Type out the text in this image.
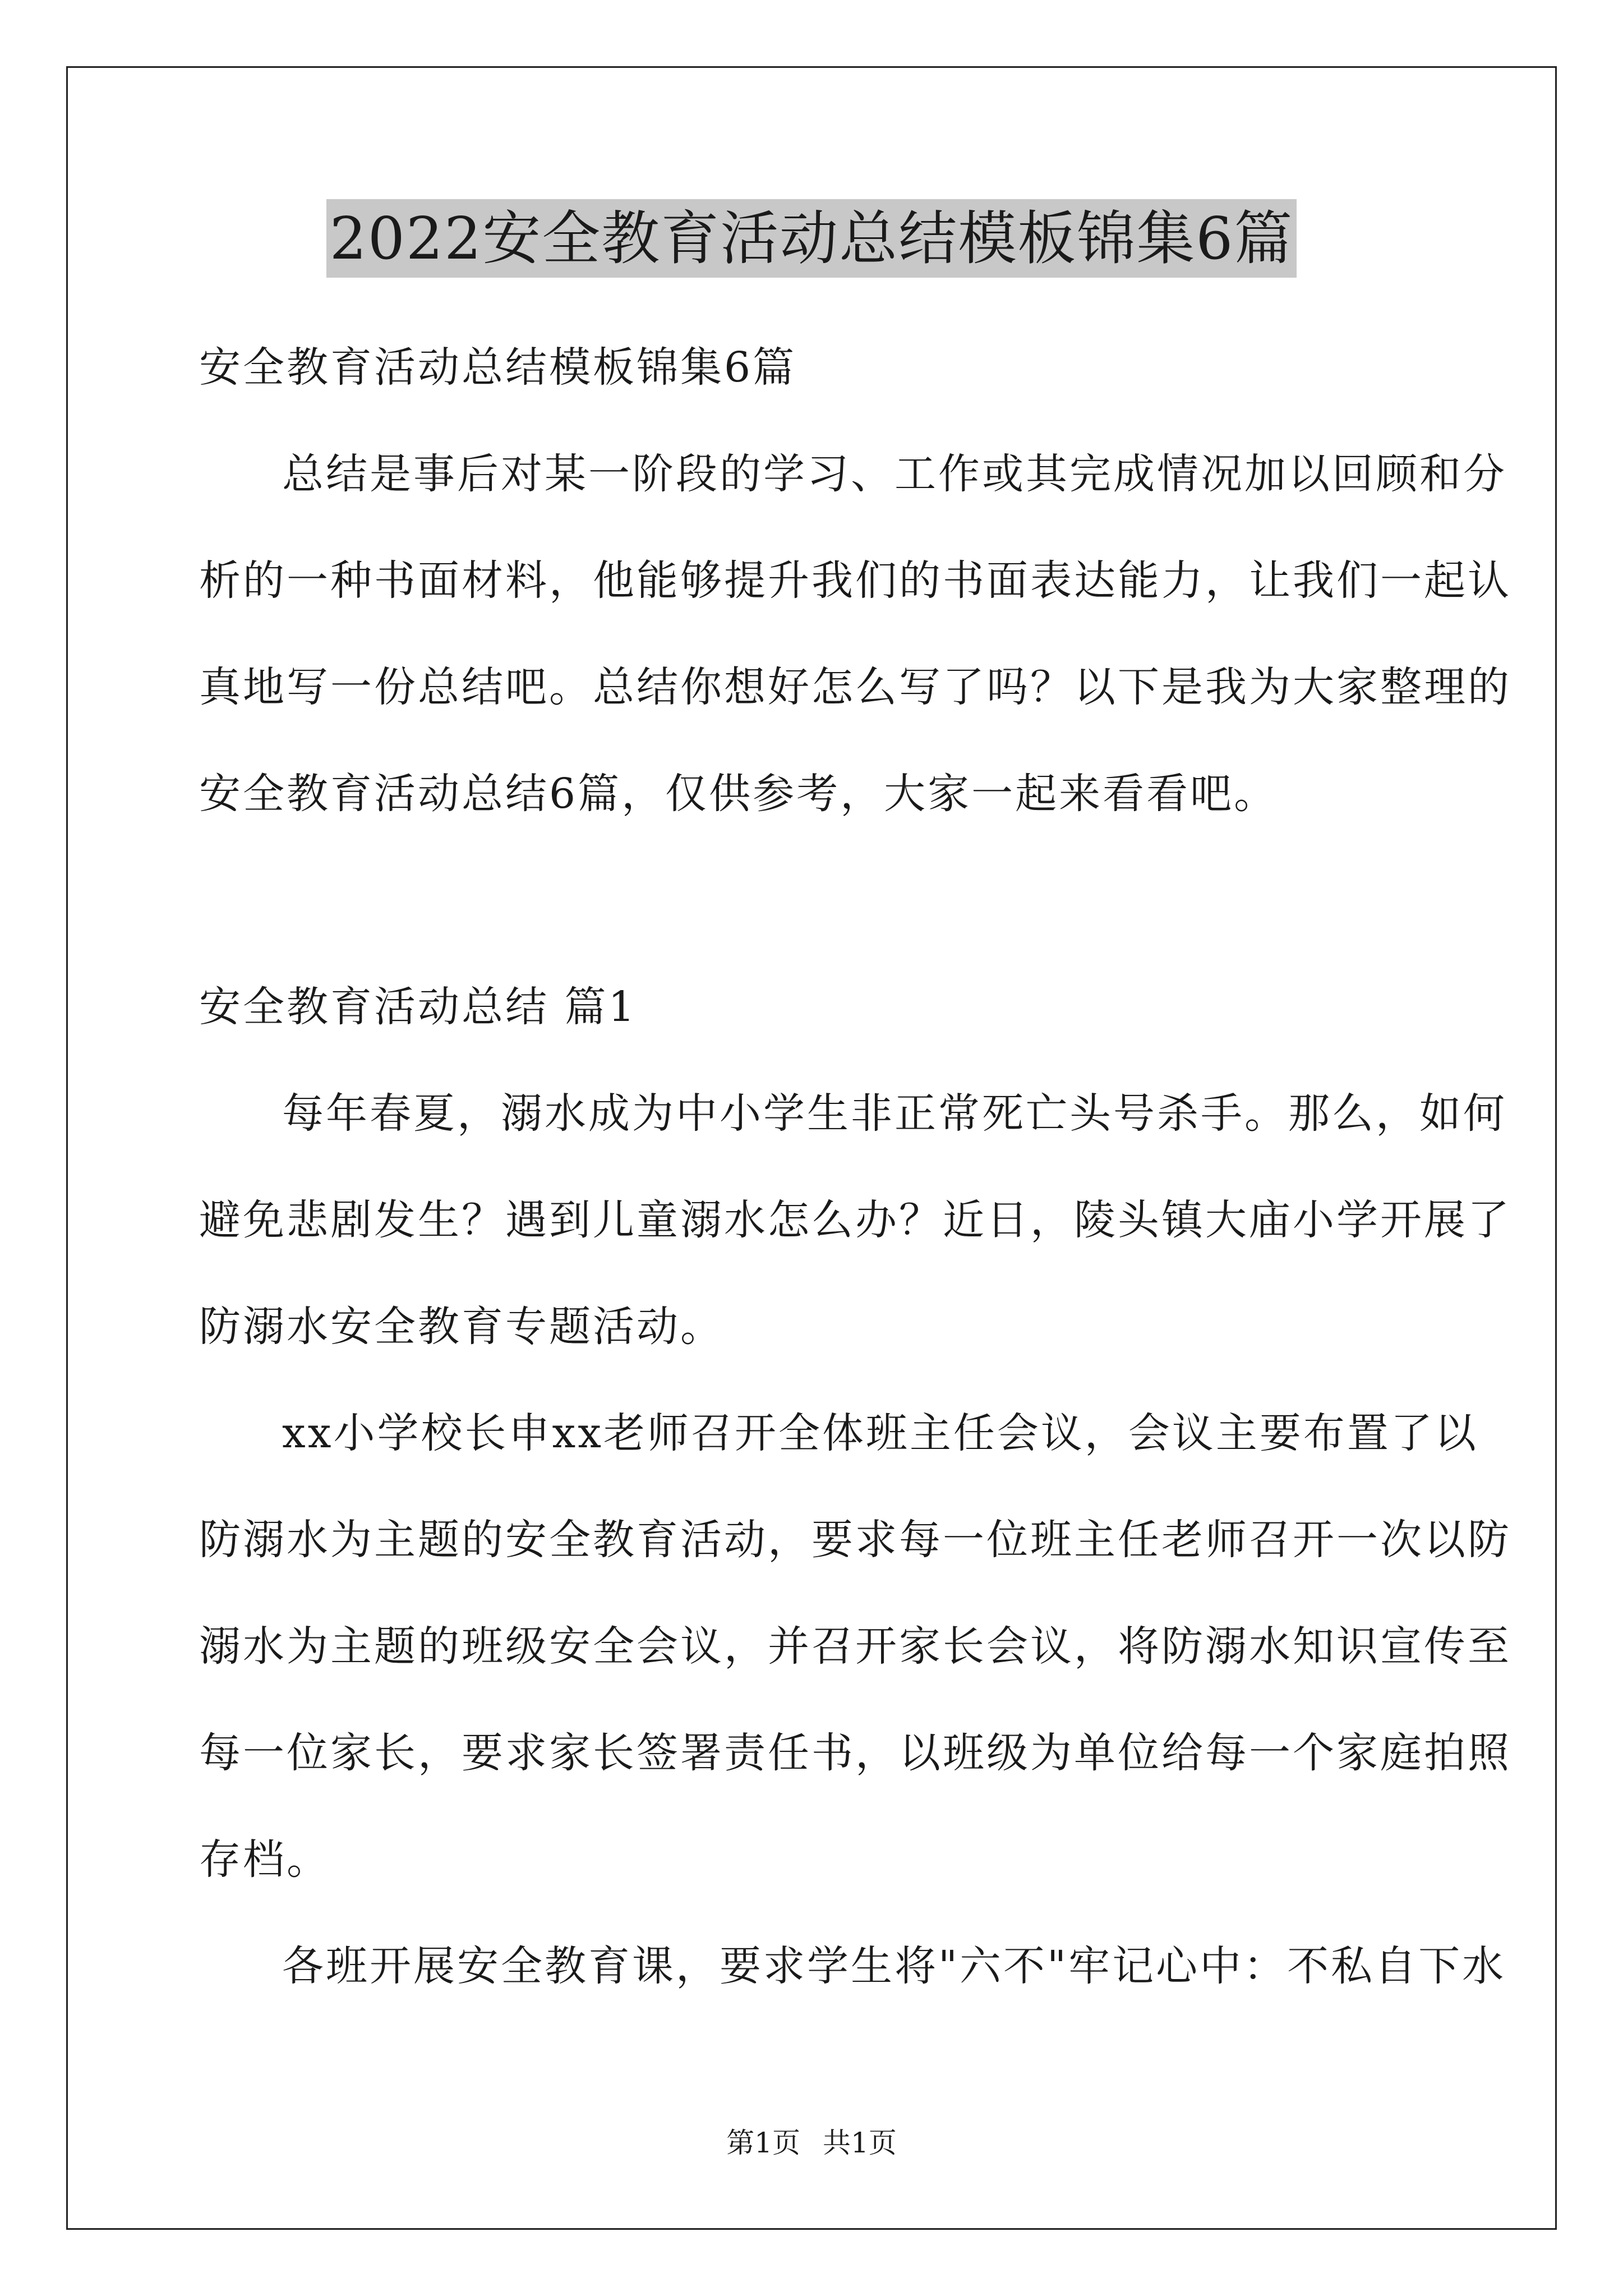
2022安全教育活动总结模板锦集6篇
安全教育活动总结模板锦集6篇
总结是事后对某一阶段的学习、工作或其完成情况加以回顾和分
析的一种书面材料，他能够提升我们的书面表达能力，让我们一起认
真地写一份总结吧。总结你想好怎么写了吗？以下是我为大家整理的
安全教育活动总结6篇，仅供参考，大家一起来看看吧。
安全教育活动总结 篇1
每年春夏，溺水成为中小学生非正常死亡头号杀手。那么，如何
避免悲剧发生？遇到儿童溺水怎么办？近日，陵头镇大庙小学开展了
防溺水安全教育专题活动。
xx小学校长申xx老师召开全体班主任会议，会议主要布置了以
防溺水为主题的安全教育活动，要求每一位班主任老师召开一次以防
溺水为主题的班级安全会议，并召开家长会议，将防溺水知识宣传至
每一位家长，要求家长签署责任书，以班级为单位给每一个家庭拍照
存档。
各班开展安全教育课，要求学生将"六不"牢记心中：不私自下水
第1页 共1页
